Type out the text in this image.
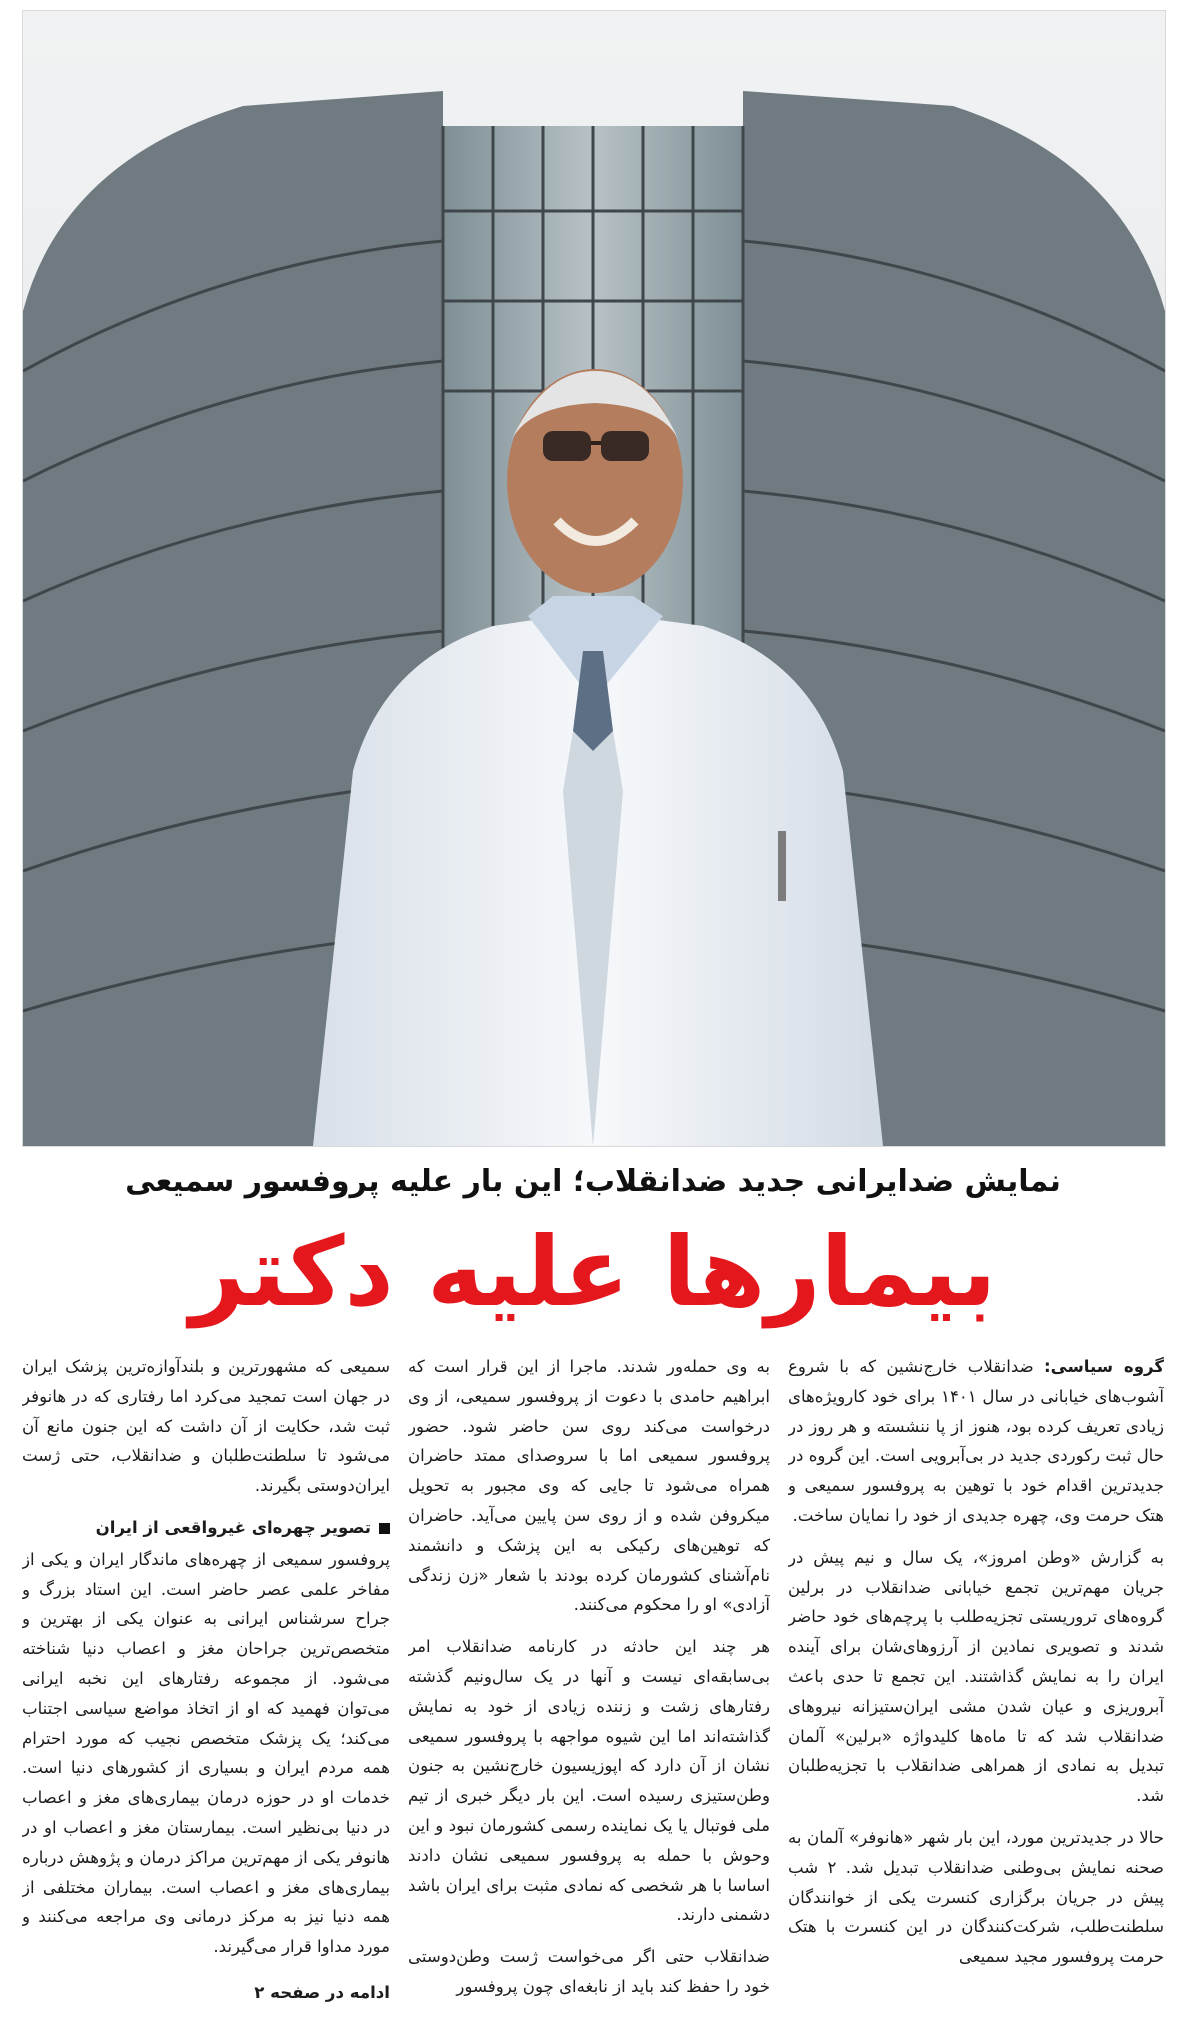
نمایش ضدایرانی جدید ضدانقلاب؛ این بار علیه پروفسور سمیعی
بیمارها علیه دکتر

گروه سیاسی: ضدانقلاب خارج‌نشین که با شروع آشوب‌های خیابانی در سال ۱۴۰۱ برای خود کارویژه‌های زیادی تعریف کرده بود، هنوز از پا ننشسته و هر روز در حال ثبت رکوردی جدید در بی‌آبرویی است. این گروه در جدیدترین اقدام خود با توهین به پروفسور سمیعی و هتک حرمت وی، چهره جدیدی از خود را نمایان ساخت.

به گزارش «وطن امروز»، یک سال و نیم پیش در جریان مهم‌ترین تجمع خیابانی ضدانقلاب در برلین گروه‌های تروریستی تجزیه‌طلب با پرچم‌های خود حاضر شدند و تصویری نمادین از آرزوهای‌شان برای آینده ایران را به نمایش گذاشتند. این تجمع تا حدی باعث آبروریزی و عیان شدن مشی ایران‌ستیزانه نیروهای ضدانقلاب شد که تا ماه‌ها کلیدواژه «برلین» آلمان تبدیل به نمادی از همراهی ضدانقلاب با تجزیه‌طلبان شد.

حالا در جدیدترین مورد، این بار شهر «هانوفر» آلمان به صحنه نمایش بی‌وطنی ضدانقلاب تبدیل شد. ۲ شب پیش در جریان برگزاری کنسرت یکی از خوانندگان سلطنت‌طلب، شرکت‌کنندگان در این کنسرت با هتک حرمت پروفسور مجید سمیعی

به وی حمله‌ور شدند. ماجرا از این قرار است که ابراهیم حامدی با دعوت از پروفسور سمیعی، از وی درخواست می‌کند روی سن حاضر شود. حضور پروفسور سمیعی اما با سروصدای ممتد حاضران همراه می‌شود تا جایی که وی مجبور به تحویل میکروفن شده و از روی سن پایین می‌آید. حاضران که توهین‌های رکیکی به این پزشک و دانشمند نام‌آشنای کشورمان کرده بودند با شعار «زن زندگی آزادی» او را محکوم می‌کنند.

هر چند این حادثه در کارنامه ضدانقلاب امر بی‌سابقه‌ای نیست و آنها در یک سال‌ونیم گذشته رفتارهای زشت و زننده زیادی از خود به نمایش گذاشته‌اند اما این شیوه مواجهه با پروفسور سمیعی نشان از آن دارد که اپوزیسیون خارج‌نشین به جنون وطن‌ستیزی رسیده است. این بار دیگر خبری از تیم ملی فوتبال یا یک نماینده رسمی کشورمان نبود و این وحوش با حمله به پروفسور سمیعی نشان دادند اساسا با هر شخصی که نمادی مثبت برای ایران باشد دشمنی دارند.

ضدانقلاب حتی اگر می‌خواست ژست وطن‌دوستی خود را حفظ کند باید از نابغه‌ای چون پروفسور

سمیعی که مشهورترین و بلندآوازه‌ترین پزشک ایران در جهان است تمجید می‌کرد اما رفتاری که در هانوفر ثبت شد، حکایت از آن داشت که این جنون مانع آن می‌شود تا سلطنت‌طلبان و ضدانقلاب، حتی ژست ایران‌دوستی بگیرند.

تصویر چهره‌ای غیرواقعی از ایران

پروفسور سمیعی از چهره‌های ماندگار ایران و یکی از مفاخر علمی عصر حاضر است. این استاد بزرگ و جراح سرشناس ایرانی به عنوان یکی از بهترین و متخصص‌ترین جراحان مغز و اعصاب دنیا شناخته می‌شود. از مجموعه رفتارهای این نخبه ایرانی می‌توان فهمید که او از اتخاذ مواضع سیاسی اجتناب می‌کند؛ یک پزشک متخصص نجیب که مورد احترام همه مردم ایران و بسیاری از کشورهای دنیا است. خدمات او در حوزه درمان بیماری‌های مغز و اعصاب در دنیا بی‌نظیر است. بیمارستان مغز و اعصاب او در هانوفر یکی از مهم‌ترین مراکز درمان و پژوهش درباره بیماری‌های مغز و اعصاب است. بیماران مختلفی از همه دنیا نیز به مرکز درمانی وی مراجعه می‌کنند و مورد مداوا قرار می‌گیرند.

ادامه در صفحه ۲
